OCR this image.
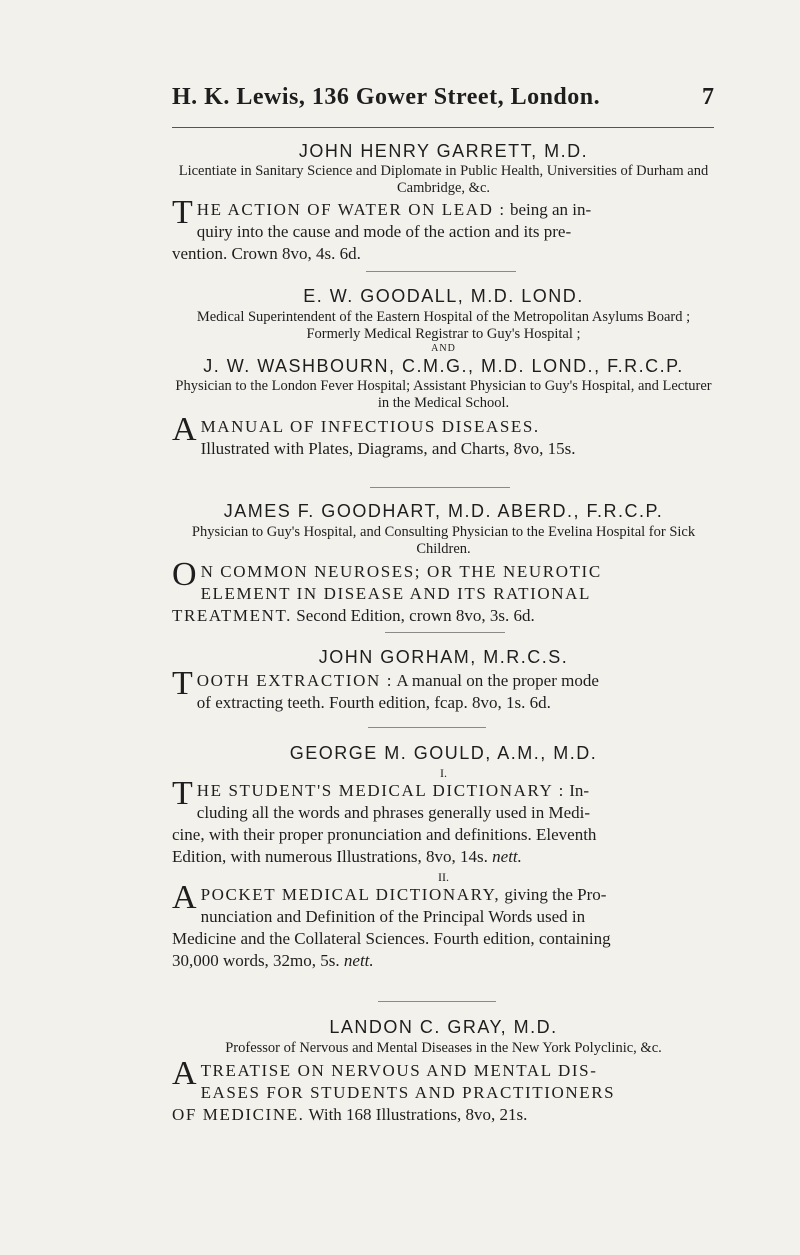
H. K. Lewis, 136 Gower Street, London.	7

JOHN HENRY GARRETT, M.D.

Licentiate in Sanitary Science and Diplomate in Public Health, Universities of Durham and Cambridge, &c.

THE ACTION OF WATER ON LEAD : being an in-
quiry into the cause and mode of the action and its pre-
vention. Crown 8vo, 4s. 6d.

E. W. GOODALL, M.D. LOND.

Medical Superintendent of the Eastern Hospital of the Metropolitan Asylums Board ; Formerly Medical Registrar to Guy's Hospital ;

AND

J. W. WASHBOURN, C.M.G., M.D. LOND., F.R.C.P.

Physician to the London Fever Hospital; Assistant Physician to Guy's Hospital, and Lecturer in the Medical School.

AMANUAL OF INFECTIOUS DISEASES.
Illustrated with Plates, Diagrams, and Charts, 8vo, 15s.

JAMES F. GOODHART, M.D. ABERD., F.R.C.P.

Physician to Guy's Hospital, and Consulting Physician to the Evelina Hospital for Sick Children.

O N COMMON NEUROSES; OR THE NEUROTIC
ELEMENT IN DISEASE AND ITS RATIONAL
TREATMENT. Second Edition, crown 8vo, 3s. 6d.

JOHN GORHAM, M.R.C.S.

TOOTH EXTRACTION : A manual on the proper mode
of extracting teeth. Fourth edition, fcap. 8vo, 1s. 6d.

GEORGE M. GOULD, A.M., M.D.

I.

THE STUDENT'S MEDICAL DICTIONARY : In-
cluding all the words and phrases generally used in Medi-
cine, with their proper pronunciation and definitions. Eleventh
Edition, with numerous Illustrations, 8vo, 14s. nett.

II.

APOCKET MEDICAL DICTIONARY, giving the Pro-
nunciation and Definition of the Principal Words used in
Medicine and the Collateral Sciences. Fourth edition, containing
30,000 words, 32mo, 5s. nett.

LANDON C. GRAY, M.D.

Professor of Nervous and Mental Diseases in the New York Polyclinic, &c.

ATREATISE ON NERVOUS AND MENTAL DIS-
EASES FOR STUDENTS AND PRACTITIONERS
OF MEDICINE. With 168 Illustrations, 8vo, 21s.
